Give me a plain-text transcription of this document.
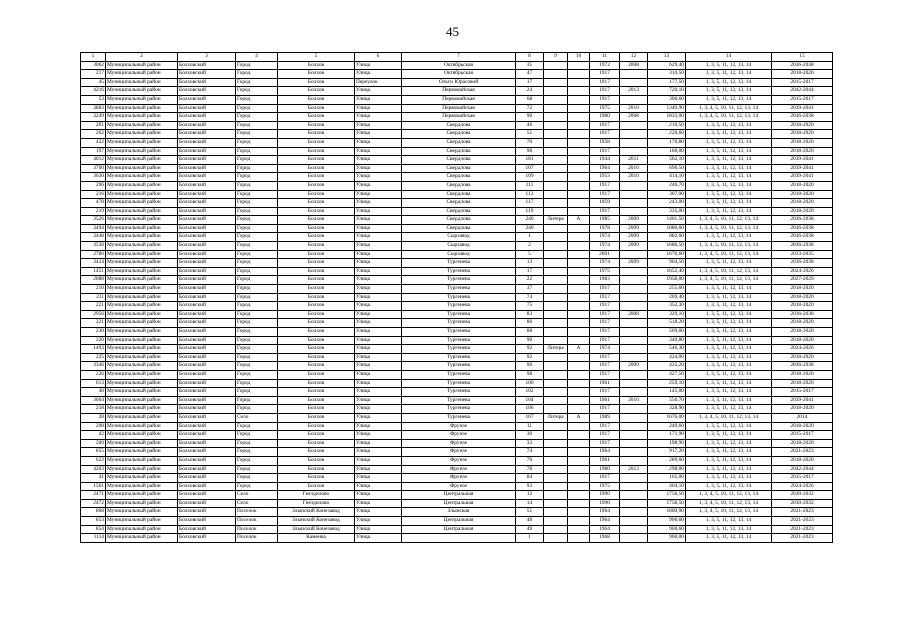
45
1	2	3	4	5	6	7	8	9	10	11	12	13	14	15
3062	Муниципальный район	Болховский	Город	Болхов	Улица	Октябрьская	35			1972	2008	629,40	1, 3, 5, 11, 12, 13, 14	2036-2038
217	Муниципальный район	Болховский	Город	Болхов	Улица	Октябрьская	47			1917		310,50	1, 3, 5, 11, 12, 13, 14	2018-2020
45	Муниципальный район	Болховский	Город	Болхов	Переулок	Ольги Юрасовой	17			1917		177,50	1, 3, 5, 11, 12, 13, 14	2015-2017
4216	Муниципальный район	Болховский	Город	Болхов	Улица	Первомайская	24			1917	2013	720,10	1, 3, 5, 11, 12, 13, 14	2042-2044
53	Муниципальный район	Болховский	Город	Болхов	Улица	Первомайская	68			1917		300,60	1, 3, 5, 11, 12, 13, 14	2015-2017
3883	Муниципальный район	Болховский	Город	Болхов	Улица	Первомайская	72			1975	2010	1349,90	1, 3, 4, 5, 10, 11, 12, 13, 14	2039-2041
3249	Муниципальный район	Болховский	Город	Болхов	Улица	Первомайская	90			1980	2008	1833,00	1, 3, 4, 5, 10, 11, 12, 13, 14	2036-2038
201	Муниципальный район	Болховский	Город	Болхов	Улица	Свердлова	46			1917		210,50	1, 3, 5, 11, 12, 13, 14	2018-2020
202	Муниципальный район	Болховский	Город	Болхов	Улица	Свердлова	51			1917		220,60	1, 3, 5, 11, 12, 13, 14	2018-2020
422	Муниципальный район	Болховский	Город	Болхов	Улица	Свердлова	70			1958		170,80	1, 3, 5, 11, 12, 13, 14	2018-2020
197	Муниципальный район	Болховский	Город	Болхов	Улица	Свердлова	98			1917		160,00	1, 3, 5, 11, 12, 13, 14	2018-2020
4012	Муниципальный район	Болховский	Город	Болхов	Улица	Свердлова	101			1944	2011	562,10	1, 3, 5, 11, 12, 13, 14	2039-2041
3700	Муниципальный район	Болховский	Город	Болхов	Улица	Свердлова	107			1964	2010	690,50	1, 3, 5, 11, 12, 13, 14	2039-2041
3630	Муниципальный район	Болховский	Город	Болхов	Улица	Свердлова	109			1953	2010	414,10	1, 3, 5, 11, 12, 13, 14	2039-2041
206	Муниципальный район	Болховский	Город	Болхов	Улица	Свердлова	111			1917		246,70	1, 3, 5, 11, 12, 13, 14	2018-2020
216	Муниципальный район	Болховский	Город	Болхов	Улица	Свердлова	113			1917		307,90	1, 3, 5, 11, 12, 13, 14	2018-2020
478	Муниципальный район	Болховский	Город	Болхов	Улица	Свердлова	117			1959		243,00	1, 3, 5, 11, 12, 13, 14	2018-2020
219	Муниципальный район	Болховский	Город	Болхов	Улица	Свердлова	119			1917		335,00	1, 3, 5, 11, 12, 13, 14	2018-2020
3526	Муниципальный район	Болховский	Город	Болхов	Улица	Свердлова	240	Литера	А	1985	2009	1401,50	1, 3, 4, 5, 10, 11, 12, 13, 14	2036-2038
3494	Муниципальный район	Болховский	Город	Болхов	Улица	Свердлова	240			1978	2009	1080,60	1, 3, 4, 5, 10, 11, 12, 13, 14	2036-2038
3448	Муниципальный район	Болховский	Город	Болхов	Улица	Сырзавод	1			1974	2009	882,60	1, 3, 5, 11, 12, 13, 14	2036-2038
3538	Муниципальный район	Болховский	Город	Болхов	Улица	Сырзавод	2			1974	2009	1688,50	1, 3, 4, 5, 10, 11, 12, 13, 14	2036-2038
2786	Муниципальный район	Болховский	Город	Болхов	Улица	Сырзавод	5			2001		1676,60	1, 3, 4, 5, 10, 11, 12, 13, 14	2033-2035
3424	Муниципальный район	Болховский	Город	Болхов	Улица	Тургенева	13			1974	2009	904,50	1, 3, 5, 11, 12, 13, 14	2036-2038
1451	Муниципальный район	Болховский	Город	Болхов	Улица	Тургенева	17			1975		1652,40	1, 3, 4, 5, 10, 11, 12, 13, 14	2024-2026
2088	Муниципальный район	Болховский	Город	Болхов	Улица	Тургенева	22			1983		1958,00	1, 3, 4, 5, 10, 11, 12, 13, 14	2027-2029
210	Муниципальный район	Болховский	Город	Болхов	Улица	Тургенева	37			1917		255,60	1, 3, 5, 11, 12, 13, 14	2018-2020
211	Муниципальный район	Болховский	Город	Болхов	Улица	Тургенева	74			1917		269,40	1, 3, 5, 11, 12, 13, 14	2018-2020
221	Муниципальный район	Болховский	Город	Болхов	Улица	Тургенева	75			1917		352,30	1, 3, 5, 11, 12, 13, 14	2018-2020
2956	Муниципальный район	Болховский	Город	Болхов	Улица	Тургенева	83			1917	2008	329,10	1, 3, 5, 11, 12, 13, 14	2036-2038
221	Муниципальный район	Болховский	Город	Болхов	Улица	Тургенева	86			1917		518,20	1, 3, 5, 11, 12, 13, 14	2018-2020
230	Муниципальный район	Болховский	Город	Болхов	Улица	Тургенева	88			1917		509,00	1, 3, 5, 11, 12, 13, 14	2018-2020
220	Муниципальный район	Болховский	Город	Болхов	Улица	Тургенева	90			1917		340,80	1, 3, 5, 11, 12, 13, 14	2018-2020
1493	Муниципальный район	Болховский	Город	Болхов	Улица	Тургенева	92	Литера	А	1974		546,30	1, 3, 5, 11, 12, 13, 14	2024-2026
225	Муниципальный район	Болховский	Город	Болхов	Улица	Тургенева	92			1917		424,00	1, 3, 5, 11, 12, 13, 14	2018-2020
3346	Муниципальный район	Болховский	Город	Болхов	Улица	Тургенева	96			1917	2009	435,20	1, 3, 5, 11, 12, 13, 14	2036-2038
226	Муниципальный район	Болховский	Город	Болхов	Улица	Тургенева	98			1917		427,50	1, 3, 5, 11, 12, 13, 14	2018-2020
613	Муниципальный район	Болховский	Город	Болхов	Улица	Тургенева	100			1961		259,10	1, 3, 5, 11, 12, 13, 14	2018-2020
40	Муниципальный район	Болховский	Город	Болхов	Улица	Тургенева	102			1917		145,00	1, 3, 5, 11, 12, 13, 14	2015-2017
3664	Муниципальный район	Болховский	Город	Болхов	Улица	Тургенева	104			1961	2010	550,70	1, 3, 5, 11, 12, 13, 14	2039-2041
218	Муниципальный район	Болховский	Город	Болхов	Улица	Тургенева	106			1917		328,90	1, 3, 5, 11, 12, 13, 14	2018-2020
28	Муниципальный район	Болховский	Село	Болхов	Улица	Тургенева	167	Литера	А	1989		1676,00	1, 3, 4, 5, 10, 11, 12, 13, 14	2014
208	Муниципальный район	Болховский	Город	Болхов	Улица	Фрунзе	11			1917		249,60	1, 3, 5, 11, 12, 13, 14	2018-2020
42	Муниципальный район	Болховский	Город	Болхов	Улица	Фрунзе	30			1917		171,90	1, 3, 5, 11, 12, 13, 14	2015-2017
200	Муниципальный район	Болховский	Город	Болхов	Улица	Фрунзе	32			1917		198,90	1, 3, 5, 11, 12, 13, 14	2018-2020
855	Муниципальный район	Болховский	Город	Болхов	Улица	Фрунзе	74			1964		917,20	1, 3, 5, 11, 12, 13, 14	2021-2023
622	Муниципальный район	Болховский	Город	Болхов	Улица	Фрунзе	76			1961		289,60	1, 3, 5, 11, 12, 13, 14	2018-2020
4203	Муниципальный район	Болховский	Город	Болхов	Улица	Фрунзе	78			1980	2013	298,00	1, 3, 5, 11, 12, 13, 14	2042-2044
41	Муниципальный район	Болховский	Город	Болхов	Улица	Фрунзе	84			1917		165,00	1, 3, 5, 11, 12, 13, 14	2015-2017
1561	Муниципальный район	Болховский	Город	Болхов	Улица	Фрунзе	93			1975		404,10	1, 3, 5, 11, 12, 13, 14	2024-2026
2471	Муниципальный район	Болховский	Село	Гнездилово	Улица	Центральная	12			1990		1758,50	1, 3, 4, 5, 10, 11, 12, 13, 14	2030-2032
2472	Муниципальный район	Болховский	Село	Гнездилово	Улица	Центральная	14			1990		1758,50	1, 3, 4, 5, 10, 11, 12, 13, 14	2030-2032
868	Муниципальный район	Болховский	Поселок	Злынский Конезавод	Улица	Злынская	51			1964		1800,90	1, 3, 4, 5, 10, 11, 12, 13, 14	2021-2023
853	Муниципальный район	Болховский	Поселок	Злынский Конезавод	Улица	Центральная	48			1964		900,60	1, 3, 5, 11, 12, 13, 14	2021-2023
854	Муниципальный район	Болховский	Поселок	Злынский Конезавод	Улица	Центральная	49			1964		900,60	1, 3, 5, 11, 12, 13, 14	2021-2023
1114	Муниципальный район	Болховский	Поселок	Каменка	Улица		1			1968		960,00	1, 3, 5, 11, 12, 13, 14	2021-2023
